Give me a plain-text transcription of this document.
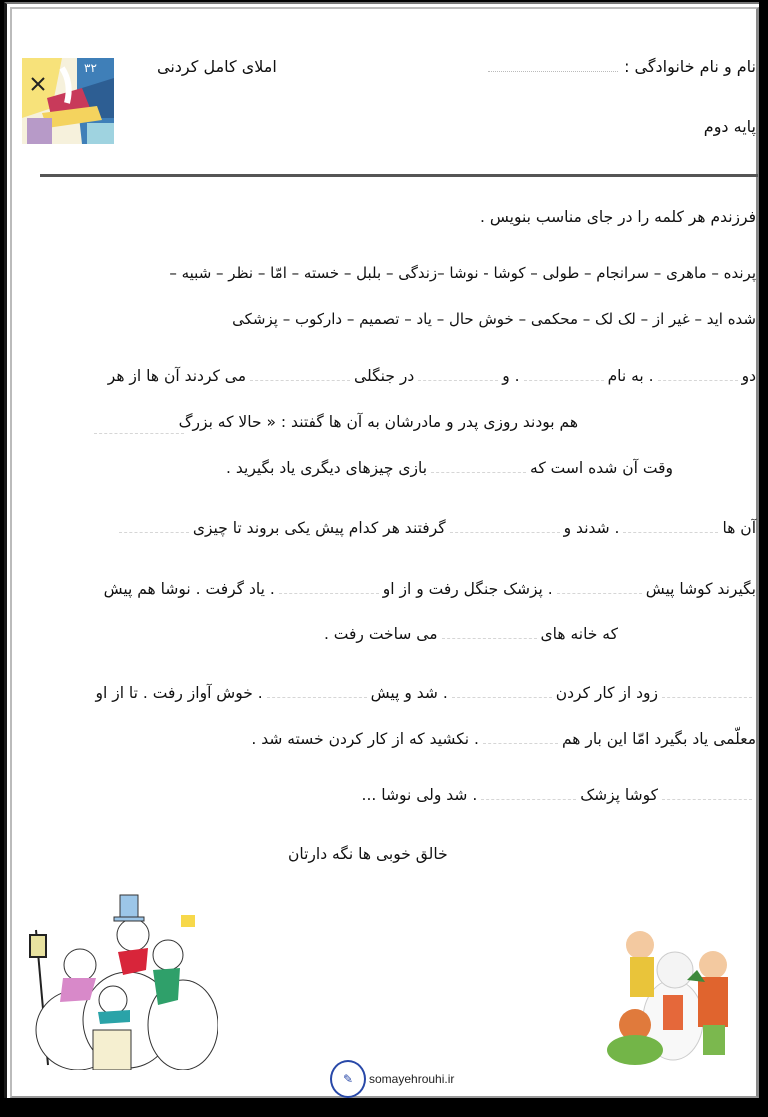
نام و نام خانوادگی :
املای کامل کردنی
پایه دوم
۳۲
فرزندم هر کلمه را در جای مناسب بنویس .
پرنده – ماهری – سرانجام – طولی – کوشا - نوشا –زندگی – بلبل – خسته – امّا – نظر – شبیه –
شده اید – غیر از – لک لک – محکمی – خوش حال – یاد – تصمیم – دارکوب – پزشکی
دو. به نام. ودر جنگلیمی کردند آن ها از هر
هم بودند روزی پدر و مادرشان به آن ها گفتند : « حالا که بزرگ
وقت آن شده است کهبازی چیزهای دیگری یاد بگیرید .
آن ها. شدند وگرفتند هر کدام پیش یکی بروند تا چیزی
بگیرند کوشا پیش. پزشک جنگل رفت و از او. یاد گرفت . نوشا هم پیش
که خانه هایمی ساخت رفت .
زود از کار کردن. شد و پیش. خوش آواز رفت . تا از او
معلّمی یاد بگیرد امّا این بار هم. نکشید که از کار کردن خسته شد .
کوشا پزشک. شد ولی نوشا ...
خالق خوبی ها نگه دارتان
✎	somayehrouhi.ir
